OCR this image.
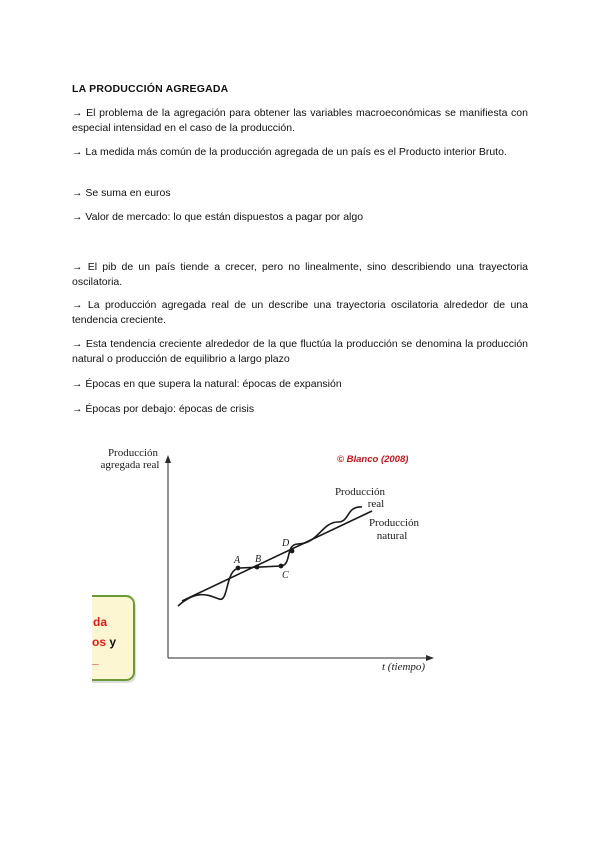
LA PRODUCCIÓN AGREGADA
→ El problema de la agregación para obtener las variables macroeconómicas se manifiesta con especial intensidad en el caso de la producción.
→ La medida más común de la producción agregada de un país es el Producto interior Bruto.
→ Se suma en euros
→ Valor de mercado: lo que están dispuestos a pagar por algo
→ El pib de un país tiende a crecer, pero no linealmente, sino describiendo una trayectoria oscilatoria.
→ La producción agregada real de un describe una trayectoria oscilatoria alrededor de una tendencia creciente.
→ Esta tendencia creciente alrededor de la que fluctúa la producción se denomina la producción natural o producción de equilibrio a largo plazo
→ Épocas en que supera la natural: épocas de expansión
→ Épocas por debajo: épocas de crisis
da
os y
_
Producción
agregada real
t (tiempo)
© Blanco (2008)
A B
C
D
Producción
real
Producción
natural
